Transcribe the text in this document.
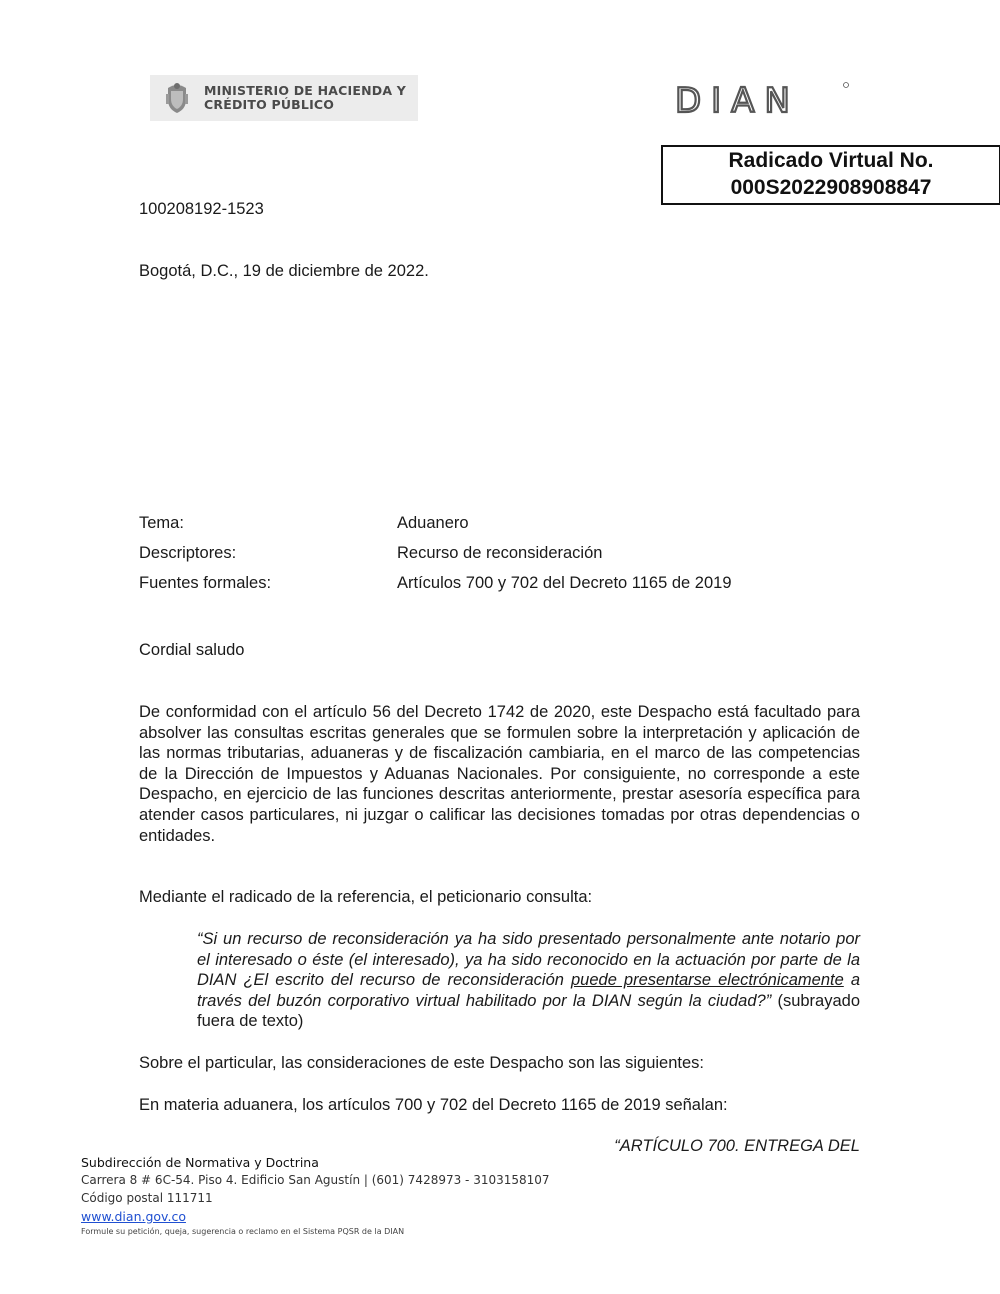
MINISTERIO DE HACIENDA Y
CRÉDITO PÚBLICO	DIAN
Radicado Virtual No.
000S2022908908847
100208192-1523
Bogotá, D.C., 19 de diciembre de 2022.
Tema:	Aduanero
Descriptores:	Recurso de reconsideración
Fuentes formales:	Artículos 700 y 702 del Decreto 1165 de 2019
Cordial saludo
De conformidad con el artículo 56 del Decreto 1742 de 2020, este Despacho está facultado para absolver las consultas escritas generales que se formulen sobre la interpretación y aplicación de las normas tributarias, aduaneras y de fiscalización cambiaria, en el marco de las competencias de la Dirección de Impuestos y Aduanas Nacionales. Por consiguiente, no corresponde a este Despacho, en ejercicio de las funciones descritas anteriormente, prestar asesoría específica para atender casos particulares, ni juzgar o calificar las decisiones tomadas por otras dependencias o entidades.
Mediante el radicado de la referencia, el peticionario consulta:
“Si un recurso de reconsideración ya ha sido presentado personalmente ante notario por el interesado o éste (el interesado), ya ha sido reconocido en la actuación por parte de la DIAN ¿El escrito del recurso de reconsideración puede presentarse electrónicamente a través del buzón corporativo virtual habilitado por la DIAN según la ciudad?” (subrayado fuera de texto)
Sobre el particular, las consideraciones de este Despacho son las siguientes:
En materia aduanera, los artículos 700 y 702 del Decreto 1165 de 2019 señalan:
“ARTÍCULO 700. ENTREGA DEL
Subdirección de Normativa y Doctrina
Carrera 8 # 6C-54. Piso 4. Edificio San Agustín | (601) 7428973 - 3103158107
Código postal 111711
www.dian.gov.co
Formule su petición, queja, sugerencia o reclamo en el Sistema PQSR de la DIAN
